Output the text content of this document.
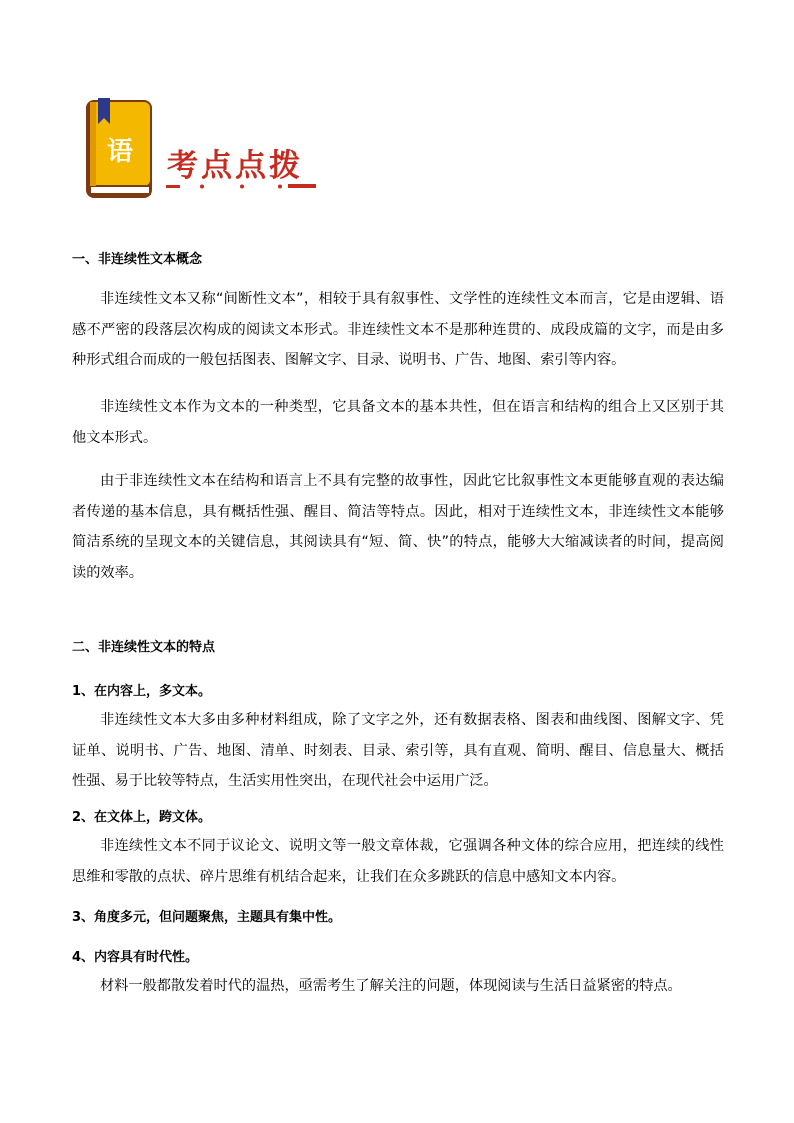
语 考点点拨
一、非连续性文本概念

非连续性文本又称“间断性文本”，相较于具有叙事性、文学性的连续性文本而言，它是由逻辑、语感不严密的段落层次构成的阅读文本形式。非连续性文本不是那种连贯的、成段成篇的文字，而是由多种形式组合而成的一般包括图表、图解文字、目录、说明书、广告、地图、索引等内容。

非连续性文本作为文本的一种类型，它具备文本的基本共性，但在语言和结构的组合上又区别于其他文本形式。

由于非连续性文本在结构和语言上不具有完整的故事性，因此它比叙事性文本更能够直观的表达编者传递的基本信息，具有概括性强、醒目、简洁等特点。因此，相对于连续性文本，非连续性文本能够简洁系统的呈现文本的关键信息，其阅读具有“短、简、快”的特点，能够大大缩减读者的时间，提高阅读的效率。

二、非连续性文本的特点
1、在内容上，多文本。

非连续性文本大多由多种材料组成，除了文字之外，还有数据表格、图表和曲线图、图解文字、凭证单、说明书、广告、地图、清单、时刻表、目录、索引等，具有直观、简明、醒目、信息量大、概括性强、易于比较等特点，生活实用性突出，在现代社会中运用广泛。

2、在文体上，跨文体。

非连续性文本不同于议论文、说明文等一般文章体裁，它强调各种文体的综合应用，把连续的线性思维和零散的点状、碎片思维有机结合起来，让我们在众多跳跃的信息中感知文本内容。

3、角度多元，但问题聚焦，主题具有集中性。
4、内容具有时代性。

材料一般都散发着时代的温热，亟需考生了解关注的问题，体现阅读与生活日益紧密的特点。
